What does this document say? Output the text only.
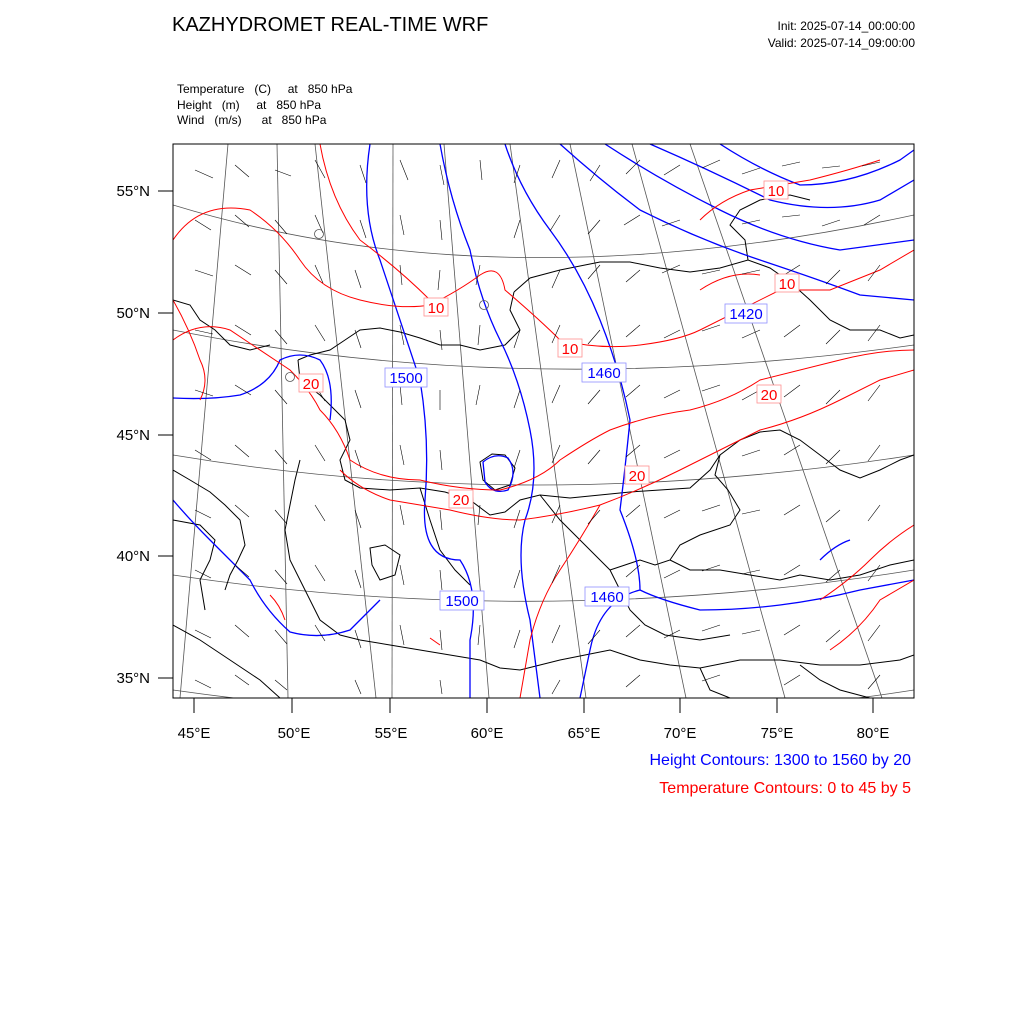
KAZHYDROMET REAL-TIME WRF	Init: 2025-07-14_00:00:00
Valid: 2025-07-14_09:00:00
Temperature   (C)     at   850 hPa
Height   (m)     at   850 hPa
Wind   (m/s)      at   850 hPa
55°N
50°N
45°N
40°N
35°N
45°E	50°E	55°E	60°E	65°E	70°E	75°E	80°E
1500	1460
1420
1500	1460
10
10
10
10
20
20
20
20
Height Contours: 1300 to 1560 by 20
Temperature Contours: 0 to 45 by 5
